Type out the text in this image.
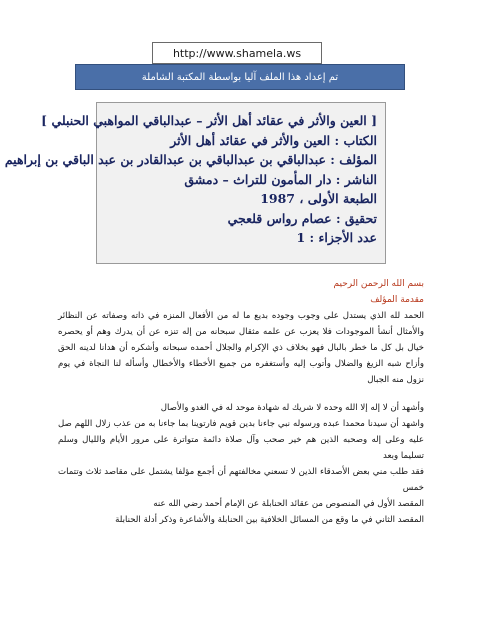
http://www.shamela.ws
تم إعداد هذا الملف آليا بواسطة المكتبة الشاملة
[ العين والأثر في عقائد أهل الأثر – عبدالباقي المواهبي الحنبلي ]
الكتاب : العين والأثر في عقائد أهل الأثر
المؤلف : عبدالباقي بن عبدالباقي بن عبدالقادر بن عبد الباقي بن إبراهيم
الناشر : دار المأمون للتراث – دمشق
الطبعة الأولى ، 1987
تحقيق : عصام رواس قلعجي
عدد الأجزاء : 1

بسم الله الرحمن الرحيم

مقدمة المؤلف

الحمد لله الذي يستدل على وجوب وجوده بديع ما له من الأفعال المنزه في ذاته وصفاته عن النظائر والأمثال أنشأ الموجودات فلا يعزب عن علمه مثقال سبحانه من إله تنزه عن أن يدرك وهم أو يحصره خيال بل كل ما خطر بالبال فهو بخلاف ذي الإكرام والجلال أحمده سبحانه وأشكره أن هدانا لدينه الحق وأزاح شبه الزيغ والضلال وأتوب إليه وأستغفره من جميع الأخطاء والأخطال وأسأله لنا النجاة في يوم نزول منه الجبال

وأشهد أن لا إله إلا الله وحده لا شريك له شهادة موحد له في الغدو والأصال

واشهد أن سيدنا محمدا عبده ورسوله نبي جاءنا بدين قويم فارتوينا بما جاءنا به من عذب زلال اللهم صل عليه وعلى إله وصحبه الذين هم خير صحب وآل صلاة دائمة متواترة على مرور الأيام والليال وسلم تسليما وبعد

فقد طلب مني بعض الأصدقاء الذين لا تسعني مخالفتهم أن أجمع مؤلفا يشتمل على مقاصد ثلاث وتتمات خمس

المقصد الأول في المنصوص من عقائد الحنابلة عن الإمام أحمد رضي الله عنه

المقصد الثاني في ما وقع من المسائل الخلافية بين الحنابلة والأشاعرة وذكر أدلة الحنابلة
